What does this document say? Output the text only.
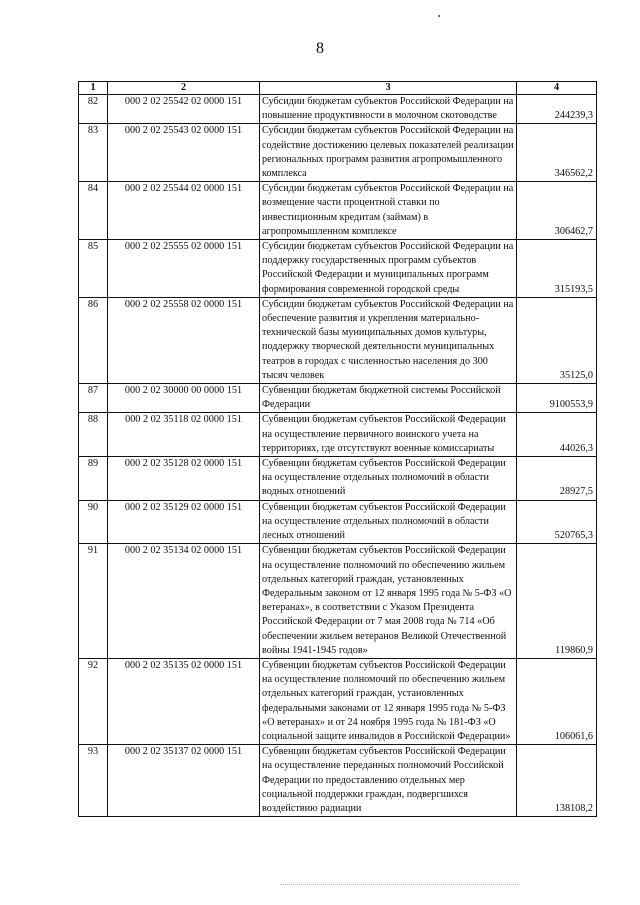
8
1	2	3	4
82	000 2 02 25542 02 0000 151	Субсидии бюджетам субъектов Российской Федерации на повышение продуктивности в молочном скотоводстве	244239,3
83	000 2 02 25543 02 0000 151	Субсидии бюджетам субъектов Российской Федерации на содействие достижению целевых показателей реализации региональных программ развития агропромышленного комплекса	346562,2
84	000 2 02 25544 02 0000 151	Субсидии бюджетам субъектов Российской Федерации на возмещение части процентной ставки по инвестиционным кредитам (займам) в агропромышленном комплексе	306462,7
85	000 2 02 25555 02 0000 151	Субсидии бюджетам субъектов Российской Федерации на поддержку государственных программ субъектов Российской Федерации и муниципальных программ формирования современной городской среды	315193,5
86	000 2 02 25558 02 0000 151	Субсидии бюджетам субъектов Российской Федерации на обеспечение развития и укрепления материально-технической базы муниципальных домов культуры, поддержку творческой деятельности муниципальных театров в городах с численностью населения до 300 тысяч человек	35125,0
87	000 2 02 30000 00 0000 151	Субвенции бюджетам бюджетной системы Российской Федерации	9100553,9
88	000 2 02 35118 02 0000 151	Субвенции бюджетам субъектов Российской Федерации на осуществление первичного воинского учета на территориях, где отсутствуют военные комиссариаты	44026,3
89	000 2 02 35128 02 0000 151	Субвенции бюджетам субъектов Российской Федерации на осуществление отдельных полномочий в области водных отношений	28927,5
90	000 2 02 35129 02 0000 151	Субвенции бюджетам субъектов Российской Федерации на осуществление отдельных полномочий в области лесных отношений	520765,3
91	000 2 02 35134 02 0000 151	Субвенции бюджетам субъектов Российской Федерации на осуществление полномочий по обеспечению жильем отдельных категорий граждан, установленных Федеральным законом от 12 января 1995 года № 5-ФЗ «О ветеранах», в соответствии с Указом Президента Российской Федерации от 7 мая 2008 года № 714 «Об обеспечении жильем ветеранов Великой Отечественной войны 1941-1945 годов»	119860,9
92	000 2 02 35135 02 0000 151	Субвенции бюджетам субъектов Российской Федерации на осуществление полномочий по обеспечению жильем отдельных категорий граждан, установленных федеральными законами от 12 января 1995 года № 5-ФЗ «О ветеранах» и от 24 ноября 1995 года № 181-ФЗ «О социальной защите инвалидов в Российской Федерации»	106061,6
93	000 2 02 35137 02 0000 151	Субвенции бюджетам субъектов Российской Федерации на осуществление переданных полномочий Российской Федерации по предоставлению отдельных мер социальной поддержки граждан, подвергшихся воздействию радиации	138108,2
